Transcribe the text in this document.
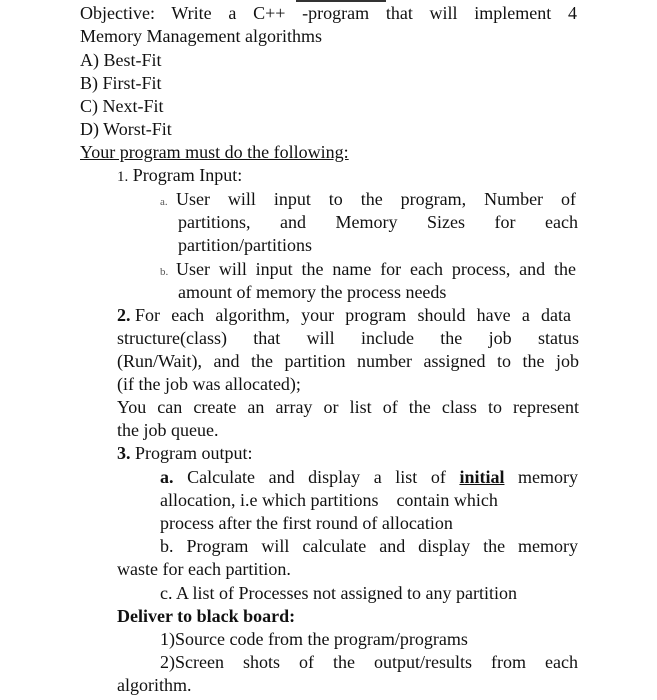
Objective: Write a C++ -program that will implement 4
Memory Management algorithms
A) Best-Fit
B) First-Fit
C) Next-Fit
D) Worst-Fit
Your program must do the following:
1. Program Input:
a. User will input to the program, Number of
partitions, and Memory Sizes for each
partition/partitions
b. User will input the name for each process, and the
amount of memory the process needs
2. For each algorithm, your program should have a data
structure(class) that will include the job status
(Run/Wait), and the partition number assigned to the job
(if the job was allocated);
You can create an array or list of the class to represent
the job queue.
3. Program output:
a. Calculate and display a list of initial memory
allocation, i.e which partitions    contain which
process after the first round of allocation
b. Program will calculate and display the memory
waste for each partition.
c. A list of Processes not assigned to any partition
Deliver to black board:
1)Source code from the program/programs
2)Screen shots of the output/results from each
algorithm.
